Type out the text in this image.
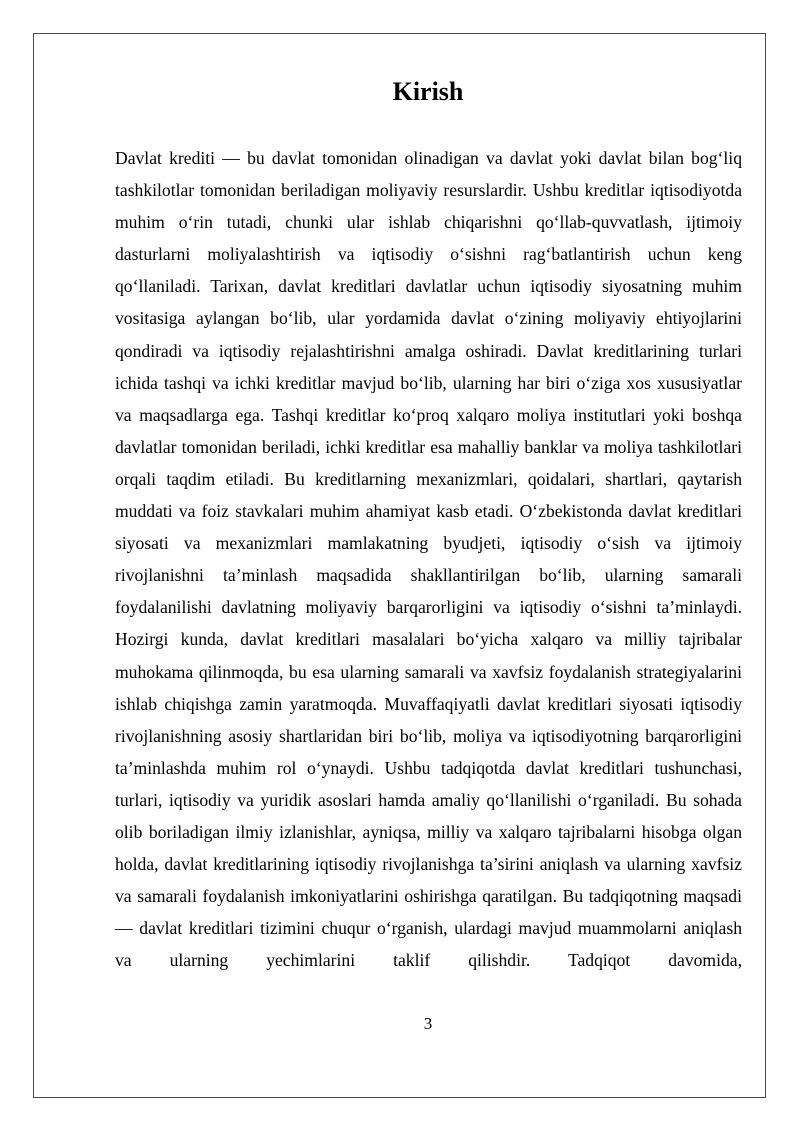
Kirish

Davlat krediti — bu davlat tomonidan olinadigan va davlat yoki davlat bilan bog‘liq tashkilotlar tomonidan beriladigan moliyaviy resurslardir. Ushbu kreditlar iqtisodiyotda muhim o‘rin tutadi, chunki ular ishlab chiqarishni qo‘llab-quvvatlash, ijtimoiy dasturlarni moliyalashtirish va iqtisodiy o‘sishni rag‘batlantirish uchun keng qo‘llaniladi. Tarixan, davlat kreditlari davlatlar uchun iqtisodiy siyosatning muhim vositasiga aylangan bo‘lib, ular yordamida davlat o‘zining moliyaviy ehtiyojlarini qondiradi va iqtisodiy rejalashtirishni amalga oshiradi. Davlat kreditlarining turlari ichida tashqi va ichki kreditlar mavjud bo‘lib, ularning har biri o‘ziga xos xususiyatlar va maqsadlarga ega. Tashqi kreditlar ko‘proq xalqaro moliya institutlari yoki boshqa davlatlar tomonidan beriladi, ichki kreditlar esa mahalliy banklar va moliya tashkilotlari orqali taqdim etiladi. Bu kreditlarning mexanizmlari, qoidalari, shartlari, qaytarish muddati va foiz stavkalari muhim ahamiyat kasb etadi. O‘zbekistonda davlat kreditlari siyosati va mexanizmlari mamlakatning byudjeti, iqtisodiy o‘sish va ijtimoiy rivojlanishni ta’minlash maqsadida shakllantirilgan bo‘lib, ularning samarali foydalanilishi davlatning moliyaviy barqarorligini va iqtisodiy o‘sishni ta’minlaydi. Hozirgi kunda, davlat kreditlari masalalari bo‘yicha xalqaro va milliy tajribalar muhokama qilinmoqda, bu esa ularning samarali va xavfsiz foydalanish strategiyalarini ishlab chiqishga zamin yaratmoqda. Muvaffaqiyatli davlat kreditlari siyosati iqtisodiy rivojlanishning asosiy shartlaridan biri bo‘lib, moliya va iqtisodiyotning barqarorligini ta’minlashda muhim rol o‘ynaydi. Ushbu tadqiqotda davlat kreditlari tushunchasi, turlari, iqtisodiy va yuridik asoslari hamda amaliy qo‘llanilishi o‘rganiladi. Bu sohada olib boriladigan ilmiy izlanishlar, ayniqsa, milliy va xalqaro tajribalarni hisobga olgan holda, davlat kreditlarining iqtisodiy rivojlanishga ta’sirini aniqlash va ularning xavfsiz va samarali foydalanish imkoniyatlarini oshirishga qaratilgan. Bu tadqiqotning maqsadi — davlat kreditlari tizimini chuqur o‘rganish, ulardagi mavjud muammolarni aniqlash va ularning yechimlarini taklif qilishdir. Tadqiqot davomida,

3
